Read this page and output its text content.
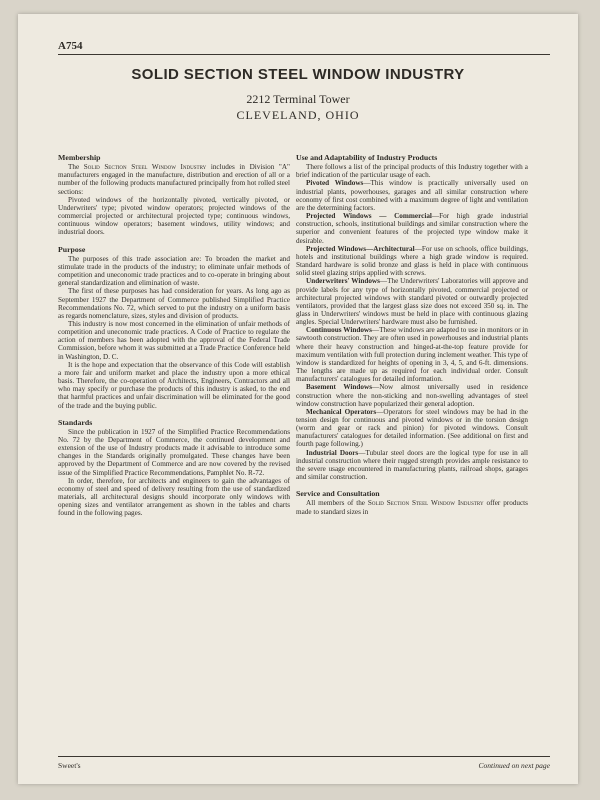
A754
SOLID SECTION STEEL WINDOW INDUSTRY
2212 Terminal Tower
CLEVELAND, OHIO
Membership

The Solid Section Steel Window Industry includes in Division "A" manufacturers engaged in the manufacture, distribution and erection of all or a number of the following products manufactured principally from hot rolled steel sections:

Pivoted windows of the horizontally pivoted, vertically pivoted, or Underwriters' type; pivoted window operators; projected windows of the commercial projected or architectural projected type; continuous windows, continuous window operators; basement windows, utility windows; and industrial doors.

Purpose

The purposes of this trade association are: To broaden the market and stimulate trade in the products of the industry; to eliminate unfair methods of competition and uneconomic trade practices and to co-operate in bringing about general standardization and elimination of waste.

The first of these purposes has had consideration for years. As long ago as September 1927 the Department of Commerce published Simplified Practice Recommendations No. 72, which served to put the industry on a uniform basis as regards nomenclature, sizes, styles and division of products.

This industry is now most concerned in the elimination of unfair methods of competition and uneconomic trade practices. A Code of Practice to regulate the action of members has been adopted with the approval of the Federal Trade Commission, before whom it was submitted at a Trade Practice Conference held in Washington, D. C.

It is the hope and expectation that the observance of this Code will establish a more fair and uniform market and place the industry upon a more ethical basis. Therefore, the co-operation of Architects, Engineers, Contractors and all who may specify or purchase the products of this industry is asked, to the end that harmful practices and unfair discrimination will be eliminated for the good of the trade and the buying public.

Standards

Since the publication in 1927 of the Simplified Practice Recommendations No. 72 by the Department of Commerce, the continued development and extension of the use of Industry products made it advisable to introduce some changes in the Standards originally promulgated. These changes have been approved by the Department of Commerce and are now covered by the revised issue of the Simplified Practice Recommendations, Pamphlet No. R-72.

In order, therefore, for architects and engineers to gain the advantages of economy of steel and speed of delivery resulting from the use of standardized materials, all architectural designs should incorporate only windows with opening sizes and ventilator arrangement as shown in the tables and charts found in the following pages.

Use and Adaptability of Industry Products

There follows a list of the principal products of this Industry together with a brief indication of the particular usage of each.

Pivoted Windows—This window is practically universally used on industrial plants, powerhouses, garages and all similar construction where economy of first cost combined with a maximum degree of light and ventilation are the determining factors.

Projected Windows — Commercial—For high grade industrial construction, schools, institutional buildings and similar construction where the superior and convenient features of the projected type window make it desirable.

Projected Windows—Architectural—For use on schools, office buildings, hotels and institutional buildings where a high grade window is required. Standard hardware is solid bronze and glass is held in place with continuous solid steel glazing strips applied with screws.

Underwriters' Windows—The Underwriters' Laboratories will approve and provide labels for any type of horizontally pivoted, commercial projected or architectural projected windows with standard pivoted or outwardly projected ventilators, provided that the largest glass size does not exceed 350 sq. in. The glass in Underwriters' windows must be held in place with continuous glazing angles. Special Underwriters' hardware must also be furnished.

Continuous Windows—These windows are adapted to use in monitors or in sawtooth construction. They are often used in powerhouses and industrial plants where their heavy construction and hinged-at-the-top feature provide for maximum ventilation with full protection during inclement weather. This type of window is standardized for heights of opening in 3, 4, 5, and 6-ft. dimensions. The lengths are made up as required for each individual order. Consult manufacturers' catalogues for detailed information.

Basement Windows—Now almost universally used in residence construction where the non-sticking and non-swelling advantages of steel window construction have popularized their general adoption.

Mechanical Operators—Operators for steel windows may be had in the tension design for continuous and pivoted windows or in the torsion design (worm and gear or rack and pinion) for pivoted windows. Consult manufacturers' catalogues for detailed information. (See additional on first and fourth page following.)

Industrial Doors—Tubular steel doors are the logical type for use in all industrial construction where their rugged strength provides ample resistance to the severe usage encountered in manufacturing plants, railroad shops, garages and similar construction.

Service and Consultation

All members of the Solid Section Steel Window Industry offer products made to standard sizes in

Sweet's	Continued on next page
